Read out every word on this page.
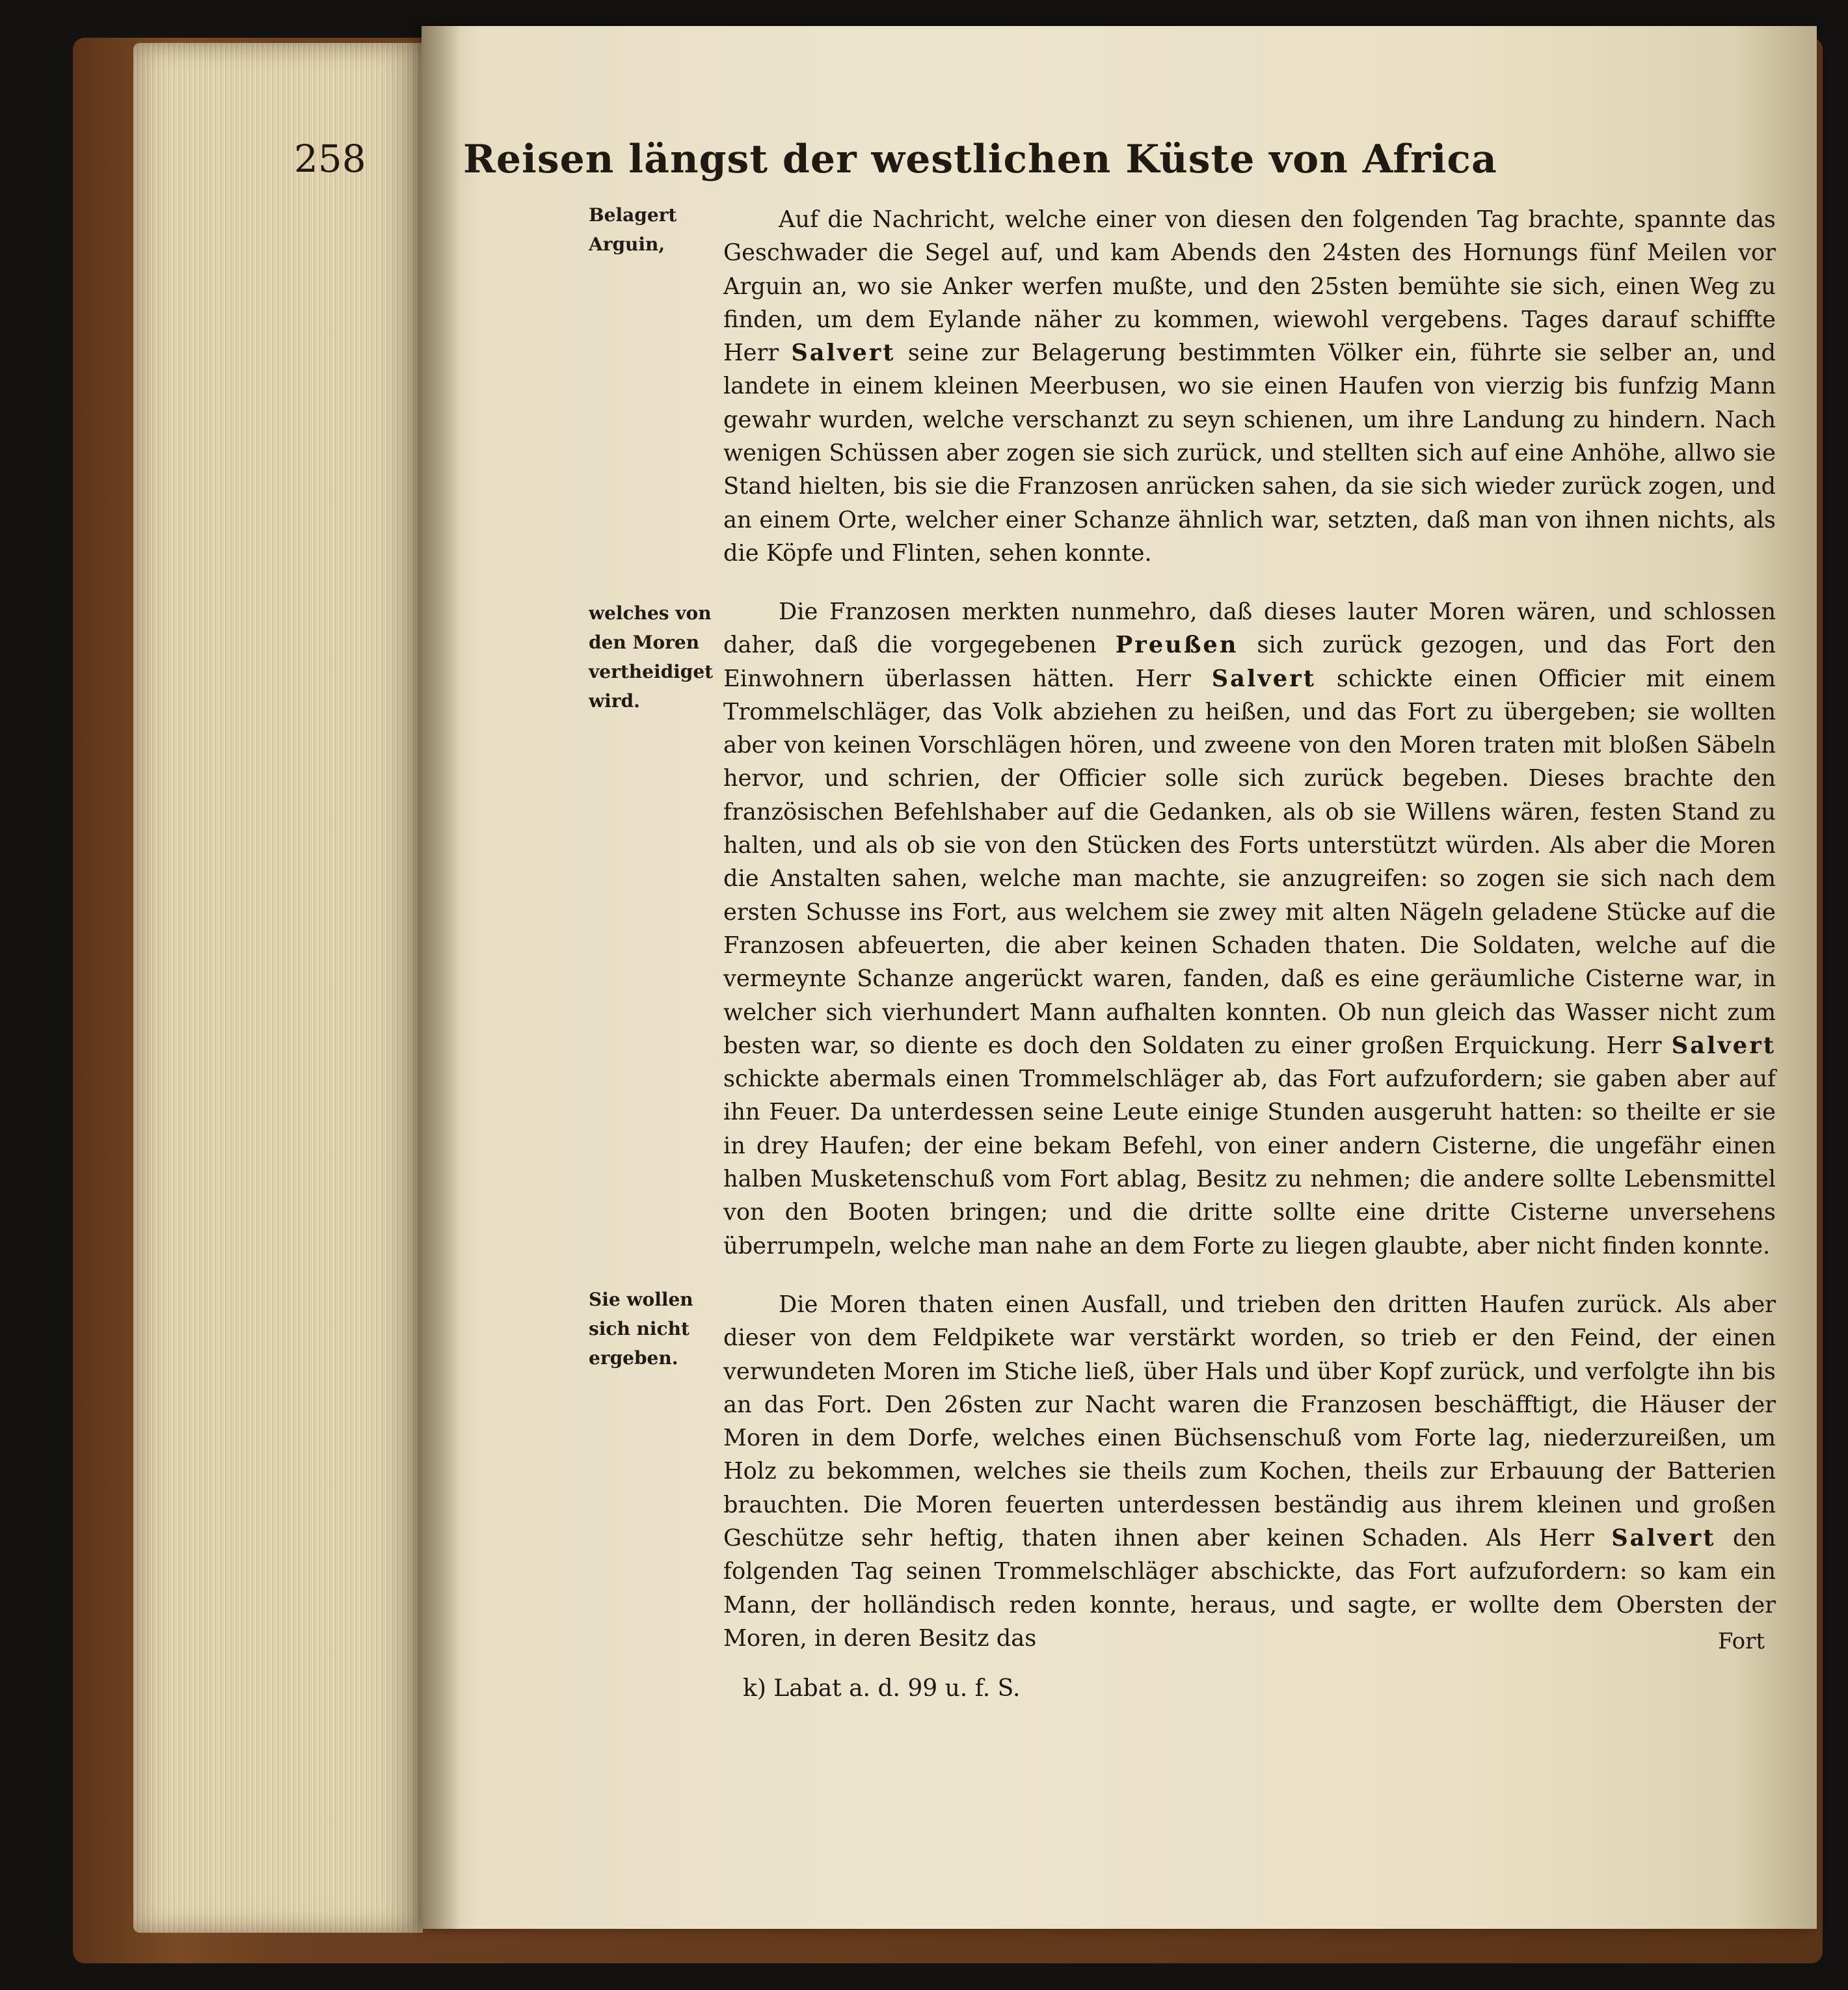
258 Reisen längst der westlichen Küste von Africa
Belagert Arguin,
welches von den Moren vertheidiget wird.
Sie wollen sich nicht ergeben.

Auf die Nachricht, welche einer von diesen den folgenden Tag brachte, spannte das Geschwader die Segel auf, und kam Abends den 24sten des Hornungs fünf Meilen vor Arguin an, wo sie Anker werfen mußte, und den 25sten bemühte sie sich, einen Weg zu finden, um dem Eylande näher zu kommen, wiewohl vergebens. Tages darauf schiffte Herr Salvert seine zur Belagerung bestimmten Völker ein, führte sie selber an, und landete in einem kleinen Meerbusen, wo sie einen Haufen von vierzig bis funfzig Mann gewahr wurden, welche verschanzt zu seyn schienen, um ihre Landung zu hindern. Nach wenigen Schüssen aber zogen sie sich zurück, und stellten sich auf eine Anhöhe, allwo sie Stand hielten, bis sie die Franzosen anrücken sahen, da sie sich wieder zurück zogen, und an einem Orte, welcher einer Schanze ähnlich war, setzten, daß man von ihnen nichts, als die Köpfe und Flinten, sehen konnte.

Die Franzosen merkten nunmehro, daß dieses lauter Moren wären, und schlossen daher, daß die vorgegebenen Preußen sich zurück gezogen, und das Fort den Einwohnern überlassen hätten. Herr Salvert schickte einen Officier mit einem Trommelschläger, das Volk abziehen zu heißen, und das Fort zu übergeben; sie wollten aber von keinen Vorschlägen hören, und zweene von den Moren traten mit bloßen Säbeln hervor, und schrien, der Officier solle sich zurück begeben. Dieses brachte den französischen Befehlshaber auf die Gedanken, als ob sie Willens wären, festen Stand zu halten, und als ob sie von den Stücken des Forts unterstützt würden. Als aber die Moren die Anstalten sahen, welche man machte, sie anzugreifen: so zogen sie sich nach dem ersten Schusse ins Fort, aus welchem sie zwey mit alten Nägeln geladene Stücke auf die Franzosen abfeuerten, die aber keinen Schaden thaten. Die Soldaten, welche auf die vermeynte Schanze angerückt waren, fanden, daß es eine geräumliche Cisterne war, in welcher sich vierhundert Mann aufhalten konnten. Ob nun gleich das Wasser nicht zum besten war, so diente es doch den Soldaten zu einer großen Erquickung. Herr Salvert schickte abermals einen Trommelschläger ab, das Fort aufzufordern; sie gaben aber auf ihn Feuer. Da unterdessen seine Leute einige Stunden ausgeruht hatten: so theilte er sie in drey Haufen; der eine bekam Befehl, von einer andern Cisterne, die ungefähr einen halben Musketenschuß vom Fort ablag, Besitz zu nehmen; die andere sollte Lebensmittel von den Booten bringen; und die dritte sollte eine dritte Cisterne unversehens überrumpeln, welche man nahe an dem Forte zu liegen glaubte, aber nicht finden konnte.

Die Moren thaten einen Ausfall, und trieben den dritten Haufen zurück. Als aber dieser von dem Feldpikete war verstärkt worden, so trieb er den Feind, der einen verwundeten Moren im Stiche ließ, über Hals und über Kopf zurück, und verfolgte ihn bis an das Fort. Den 26sten zur Nacht waren die Franzosen beschäfftigt, die Häuser der Moren in dem Dorfe, welches einen Büchsenschuß vom Forte lag, niederzureißen, um Holz zu bekommen, welches sie theils zum Kochen, theils zur Erbauung der Batterien brauchten. Die Moren feuerten unterdessen beständig aus ihrem kleinen und großen Geschütze sehr heftig, thaten ihnen aber keinen Schaden. Als Herr Salvert den folgenden Tag seinen Trommelschläger abschickte, das Fort aufzufordern: so kam ein Mann, der holländisch reden konnte, heraus, und sagte, er wollte dem Obersten der Moren, in deren Besitz das	Fort
k) Labat a. d. 99 u. f. S.
